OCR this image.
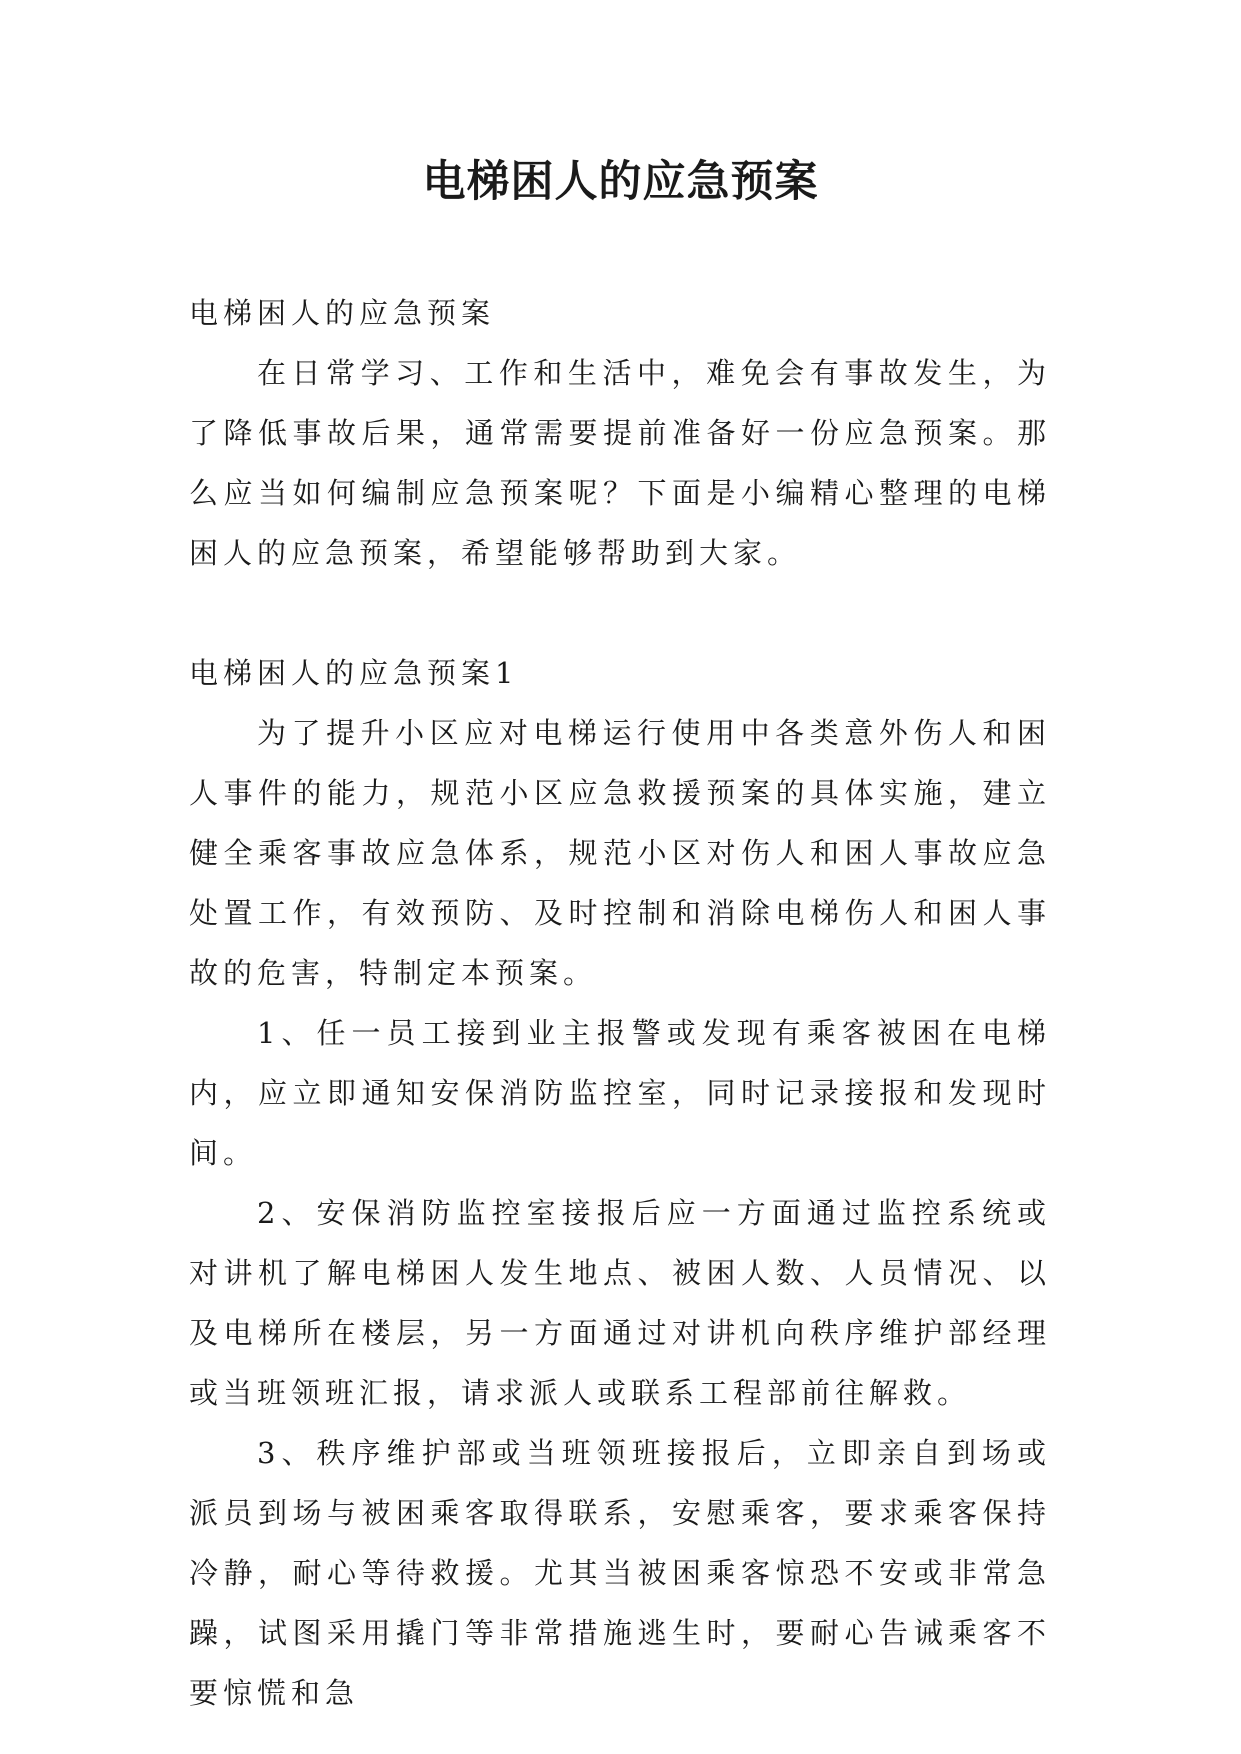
电梯困人的应急预案

电梯困人的应急预案

在日常学习、工作和生活中，难免会有事故发生，为了降低事故后果，通常需要提前准备好一份应急预案。那么应当如何编制应急预案呢？下面是小编精心整理的电梯困人的应急预案，希望能够帮助到大家。

电梯困人的应急预案1

为了提升小区应对电梯运行使用中各类意外伤人和困人事件的能力，规范小区应急救援预案的具体实施，建立健全乘客事故应急体系，规范小区对伤人和困人事故应急处置工作，有效预防、及时控制和消除电梯伤人和困人事故的危害，特制定本预案。

1、任一员工接到业主报警或发现有乘客被困在电梯内，应立即通知安保消防监控室，同时记录接报和发现时间。

2、安保消防监控室接报后应一方面通过监控系统或对讲机了解电梯困人发生地点、被困人数、人员情况、以及电梯所在楼层，另一方面通过对讲机向秩序维护部经理或当班领班汇报，请求派人或联系工程部前往解救。

3、秩序维护部或当班领班接报后，立即亲自到场或派员到场与被困乘客取得联系，安慰乘客，要求乘客保持冷静，耐心等待救援。尤其当被困乘客惊恐不安或非常急躁，试图采用撬门等非常措施逃生时，要耐心告诫乘客不要惊慌和急
